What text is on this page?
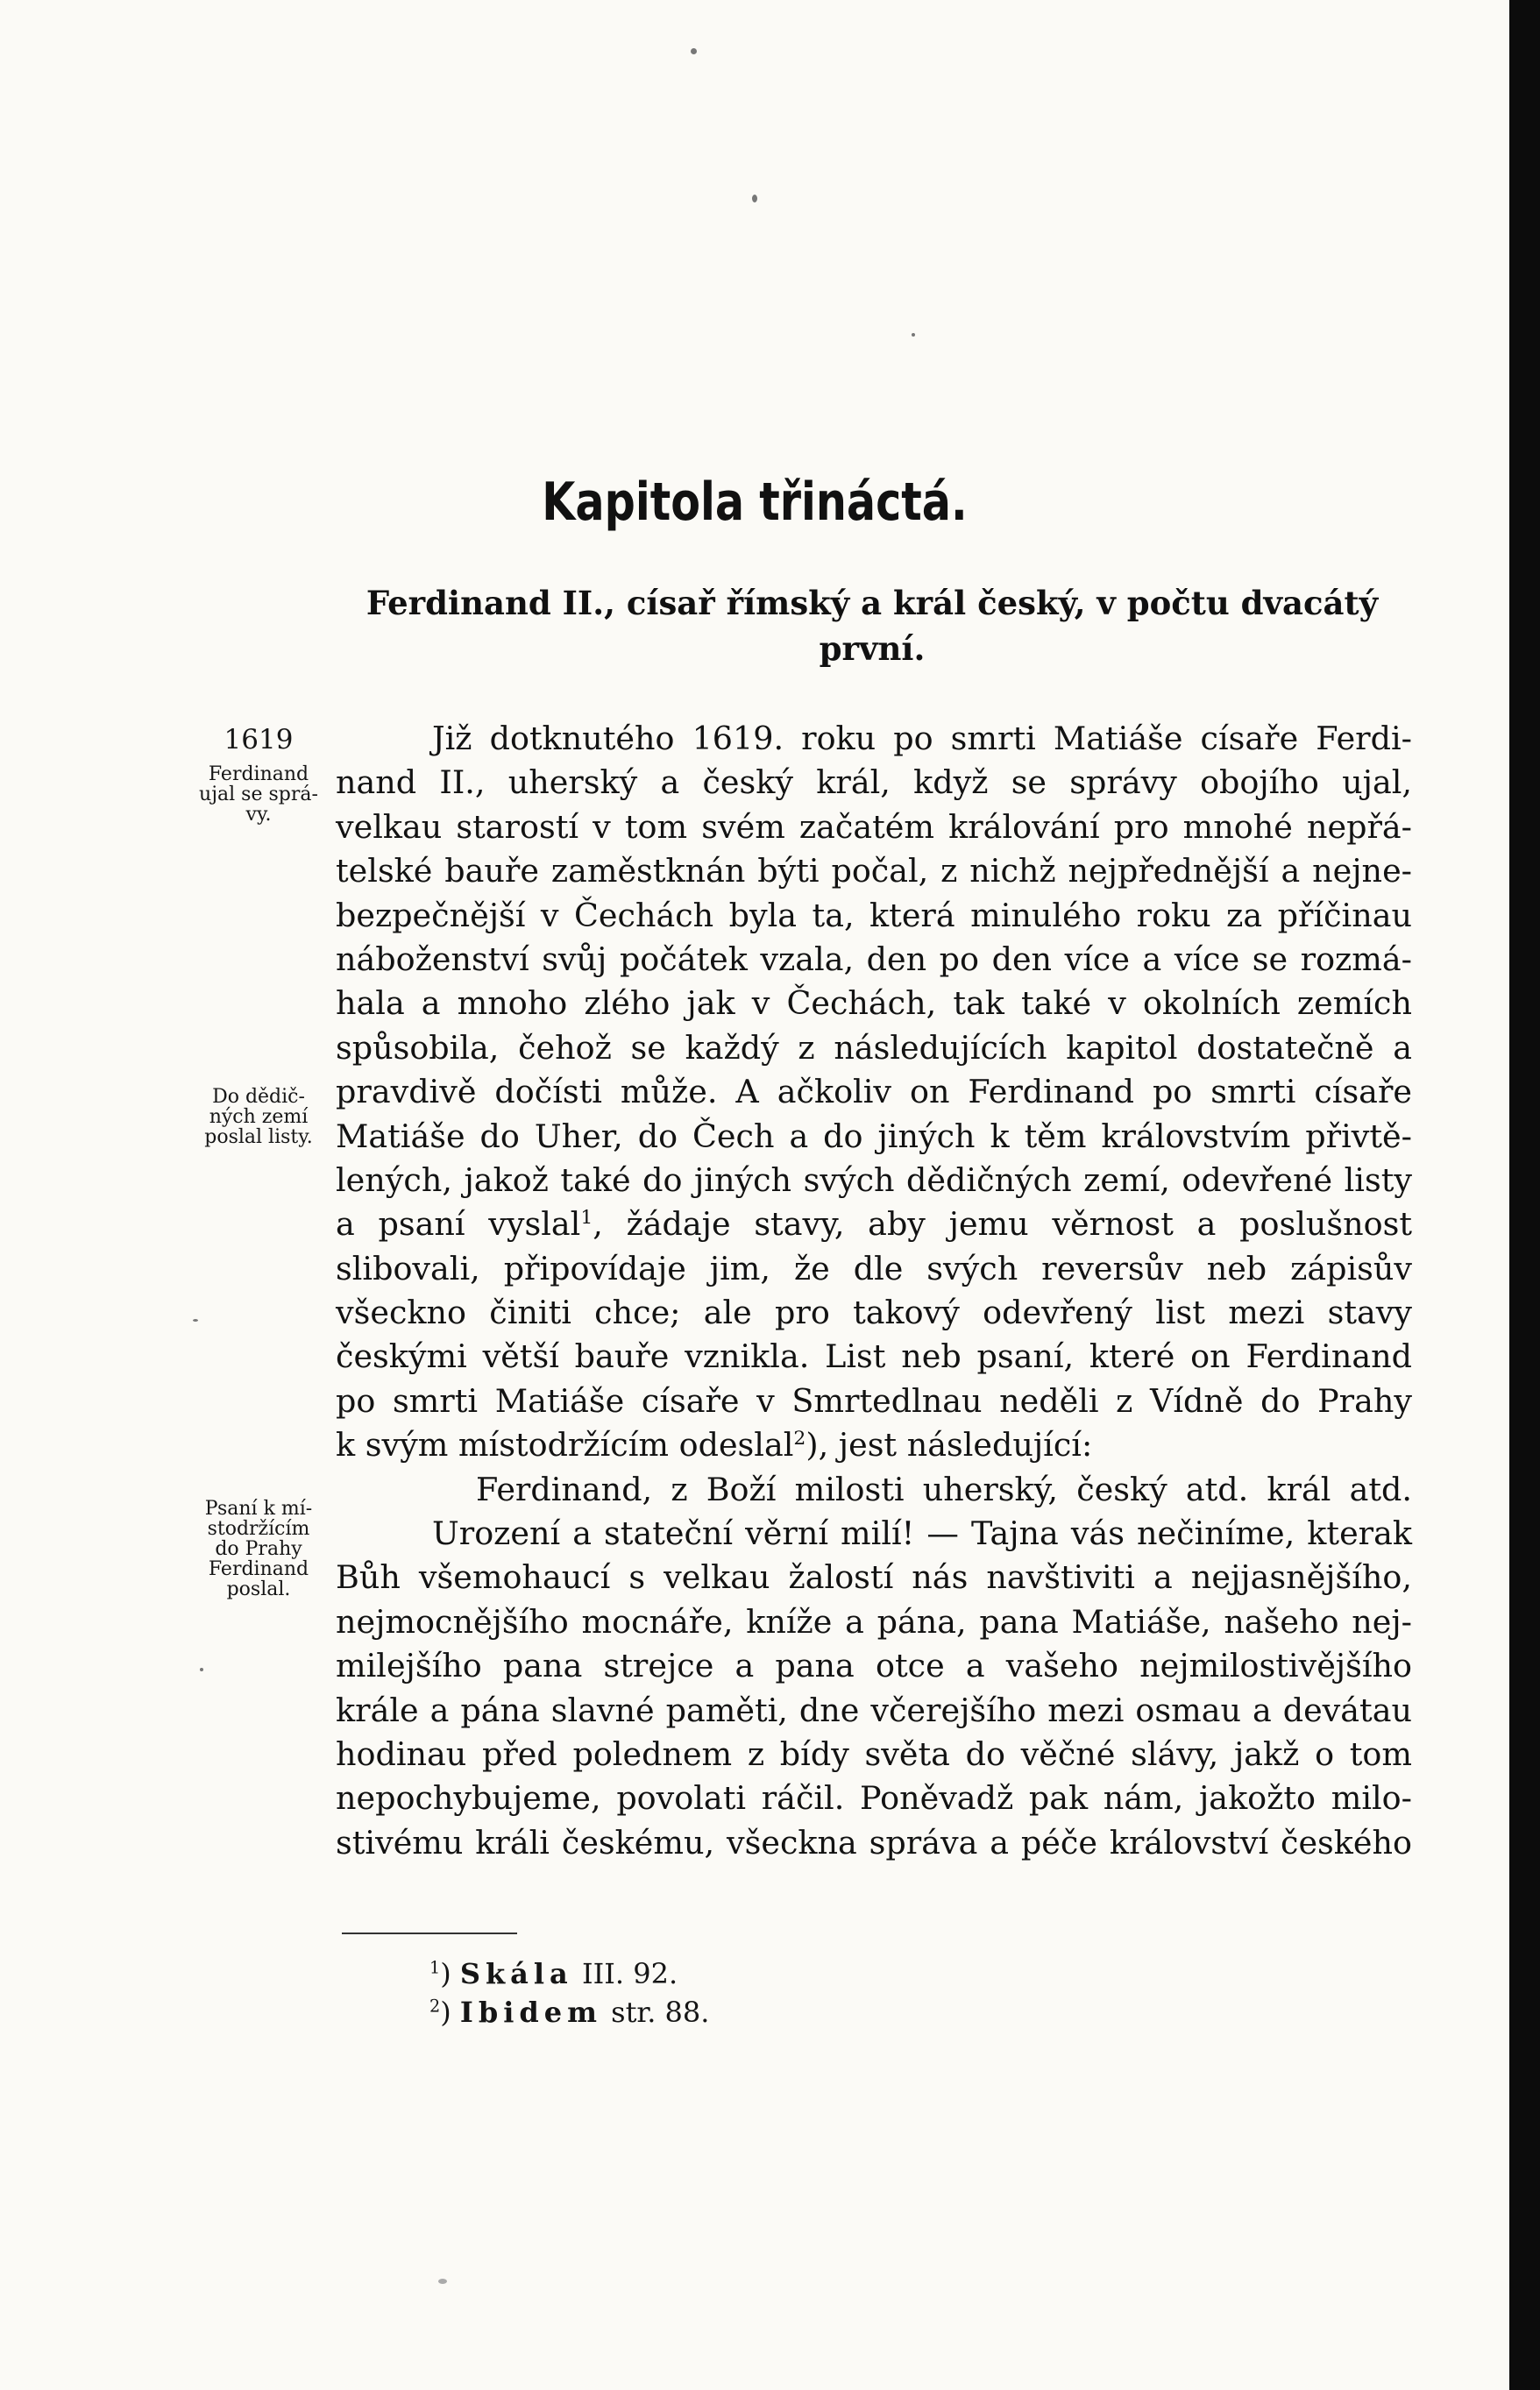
Kapitola třináctá.
Ferdinand II., císař římský a král český, v počtu dvacátý
první.
1619
Ferdinand
ujal se sprá-
vy.
Do dědič-
ných zemí
poslal listy.
Psaní k mí-
stodržícím
do Prahy
Ferdinand
poslal.
Již dotknutého 1619. roku po smrti Matiáše císaře Ferdi-
nand II., uherský a český král, když se správy obojího ujal,
velkau starostí v tom svém začatém králování pro mnohé nepřá-
telské bauře zaměstknán býti počal, z nichž nejpřednější a nejne-
bezpečnější v Čechách byla ta, která minulého roku za příčinau
náboženství svůj počátek vzala, den po den více a více se rozmá-
hala a mnoho zlého jak v Čechách, tak také v okolních zemích
spůsobila, čehož se každý z následujících kapitol dostatečně a
pravdivě dočísti může. A ačkoliv on Ferdinand po smrti císaře
Matiáše do Uher, do Čech a do jiných k těm královstvím přivtě-
lených, jakož také do jiných svých dědičných zemí, odevřené listy
a psaní vyslal$^1$, žádaje stavy, aby jemu věrnost a poslušnost
slibovali, připovídaje jim, že dle svých reversův neb zápisův
všeckno činiti chce; ale pro takový odevřený list mezi stavy
českými větší bauře vznikla. List neb psaní, které on Ferdinand
po smrti Matiáše císaře v Smrtedlnau neděli z Vídně do Prahy
k svým místodržícím odeslal$^2$), jest následující:
Ferdinand, z Boží milosti uherský, český atd. král atd.
Urození a stateční věrní milí! — Tajna vás nečiníme, kterak
Bůh všemohaucí s velkau žalostí nás navštiviti a nejjasnějšího,
nejmocnějšího mocnáře, kníže a pána, pana Matiáše, našeho nej-
milejšího pana strejce a pana otce a vašeho nejmilostivějšího
krále a pána slavné paměti, dne včerejšího mezi osmau a devátau
hodinau před polednem z bídy světa do věčné slávy, jakž o tom
nepochybujeme, povolati ráčil. Poněvadž pak nám, jakožto milo-
stivému králi českému, všeckna správa a péče království českého
$^1$) Skála III. 92.
$^2$) Ibidem str. 88.
